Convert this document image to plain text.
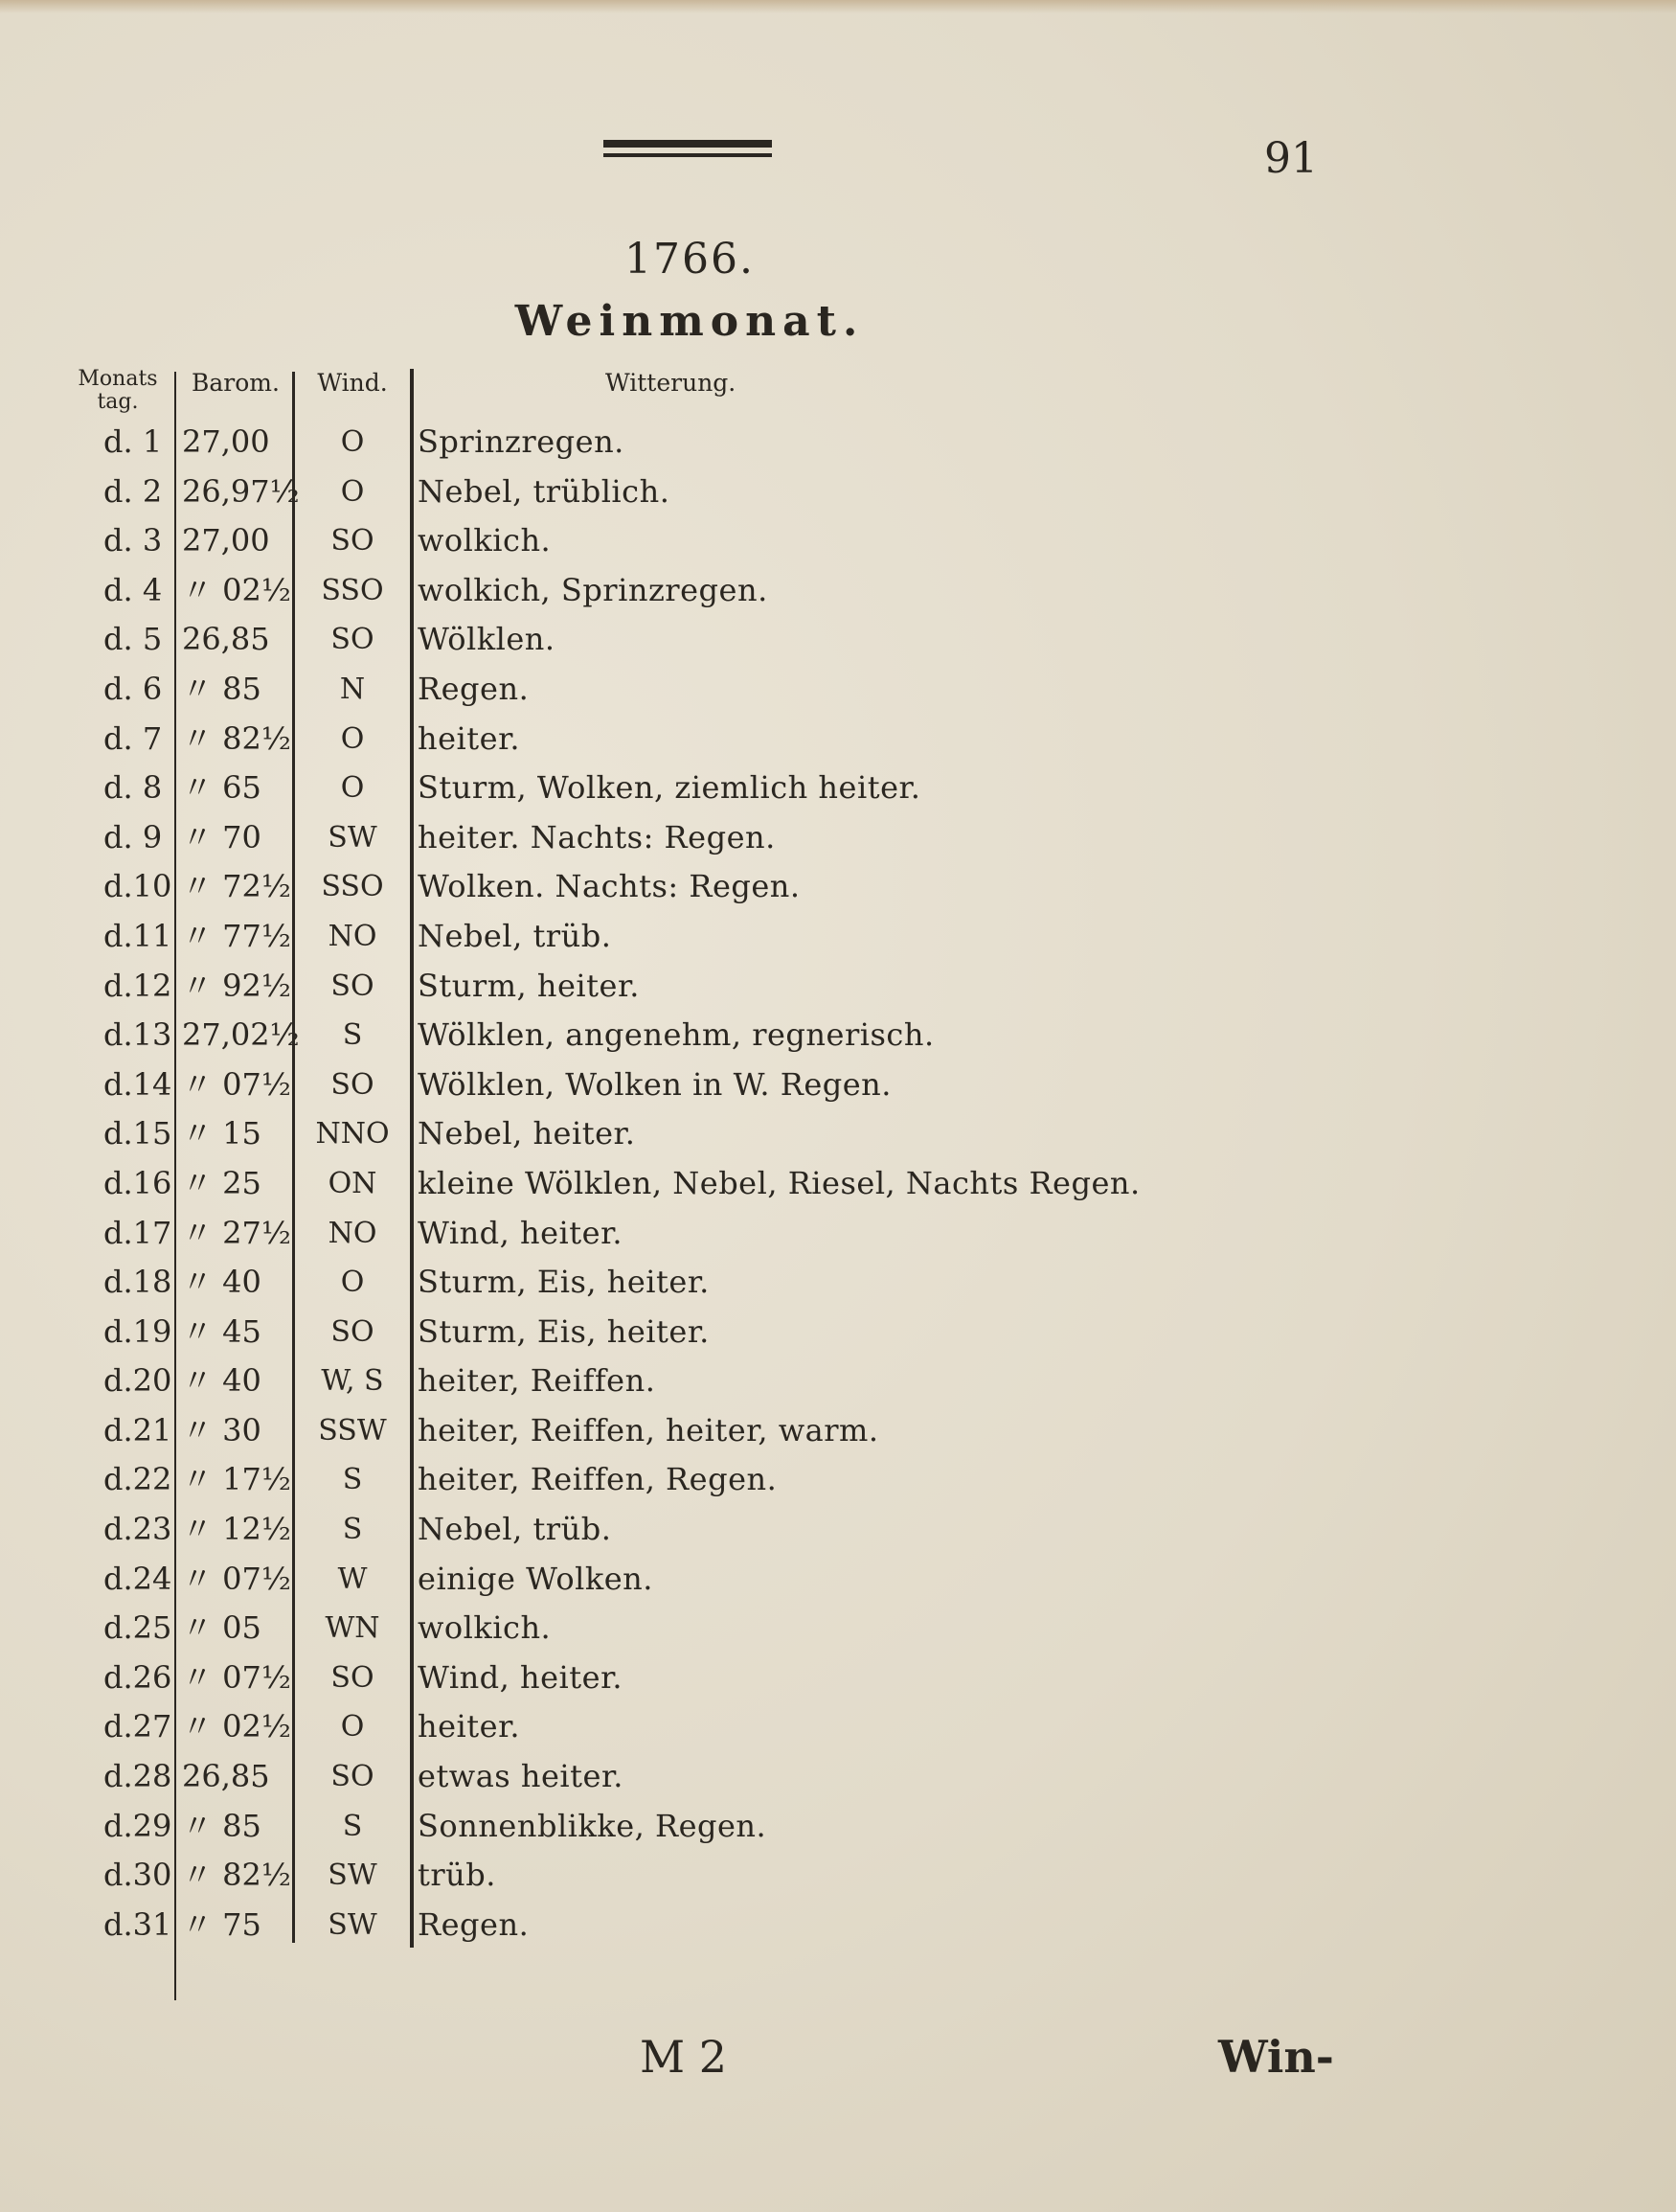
91
1766.
Weinmonat.
Monats tag.
Barom.	Wind.	Witterung.
d. 1 27,00	O	Sprinzregen.
d. 2 26,97½	O	Nebel, trüblich.
d. 3 27,00	SO	wolkich.
d. 4 〃 02½	SSO	wolkich, Sprinzregen.
d. 5 26,85	SO	Wölklen.
d. 6 〃 85	N	Regen.
d. 7 〃 82½	O	heiter.
d. 8 〃 65	O	Sturm, Wolken, ziemlich heiter.
d. 9 〃 70	SW	heiter. Nachts: Regen.
d.10 〃 72½	SSO	Wolken. Nachts: Regen.
d.11 〃 77½	NO	Nebel, trüb.
d.12 〃 92½	SO	Sturm, heiter.
d.13 27,02½	S	Wölklen, angenehm, regnerisch.
d.14 〃 07½	SO	Wölklen, Wolken in W. Regen.
d.15 〃 15	NNO Nebel, heiter.
d.16 〃 25	ON	kleine Wölklen, Nebel, Riesel, Nachts Regen.
d.17 〃 27½	NO	Wind, heiter.
d.18 〃 40	O	Sturm, Eis, heiter.
d.19 〃 45	SO	Sturm, Eis, heiter.
d.20 〃 40	W, S	heiter, Reiffen.
d.21 〃 30	SSW	heiter, Reiffen, heiter, warm.
d.22 〃 17½	S	heiter, Reiffen, Regen.
d.23 〃 12½	S	Nebel, trüb.
d.24 〃 07½	W	einige Wolken.
d.25 〃 05	WN	wolkich.
d.26 〃 07½	SO	Wind, heiter.
d.27 〃 02½	O	heiter.
d.28 26,85	SO	etwas heiter.
d.29 〃 85	S	Sonnenblikke, Regen.
d.30 〃 82½	SW	trüb.
d.31 〃 75	SW	Regen.
M 2	Win-
